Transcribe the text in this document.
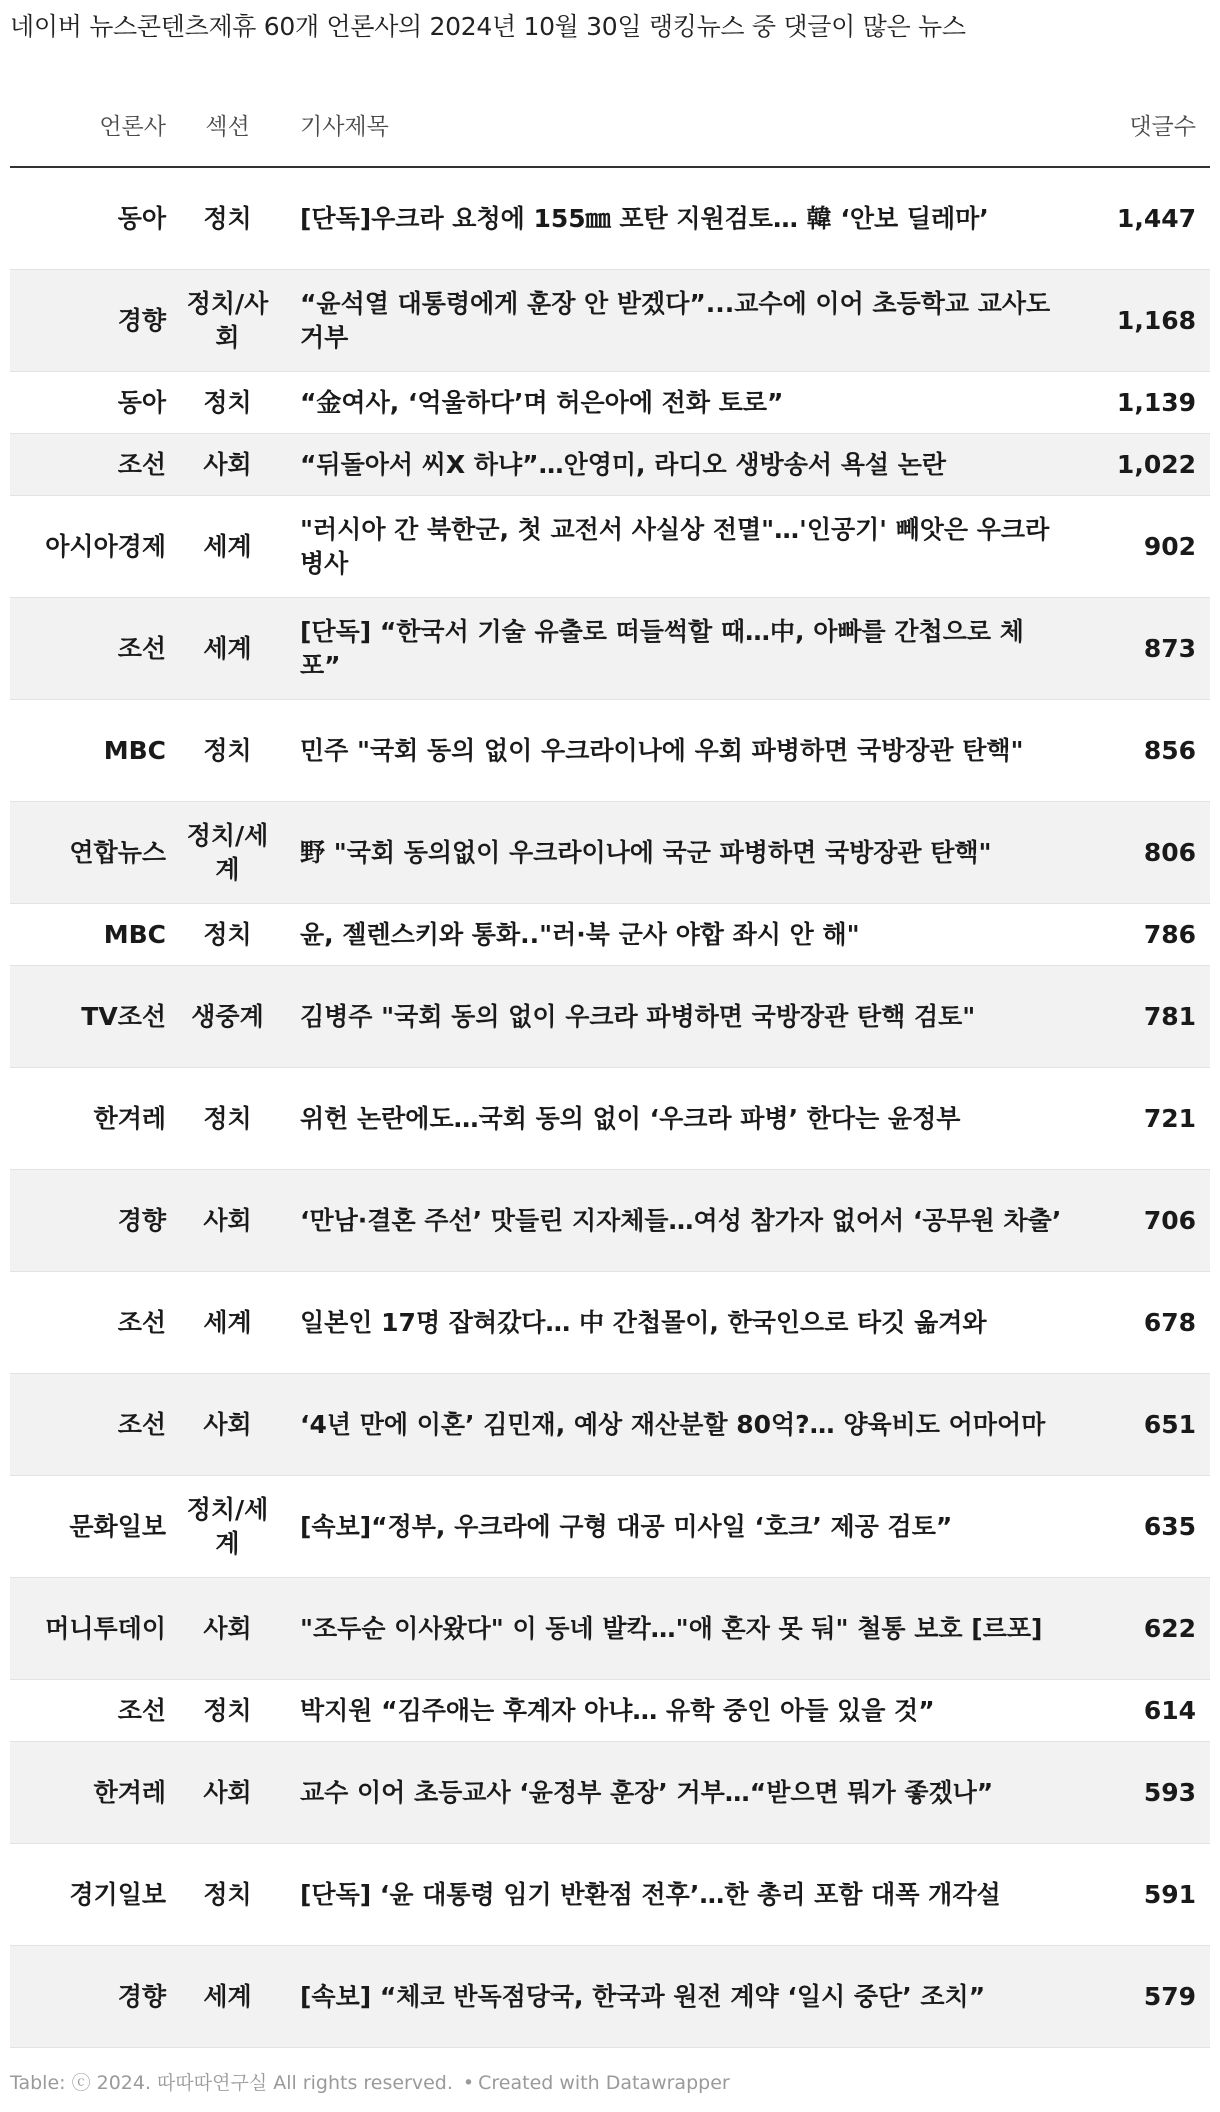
네이버 뉴스콘텐츠제휴 60개 언론사의 2024년 10월 30일 랭킹뉴스 중 댓글이 많은 뉴스
언론사	섹션	기사제목	댓글수
동아	정치	[단독]우크라 요청에 155㎜ 포탄 지원검토… 韓 ‘안보 딜레마’	1,447
경향	정치/사회	“윤석열 대통령에게 훈장 안 받겠다”...교수에 이어 초등학교 교사도 거부	1,168
동아	정치	“金여사, ‘억울하다’며 허은아에 전화 토로”	1,139
조선	사회	“뒤돌아서 씨X 하냐”…안영미, 라디오 생방송서 욕설 논란	1,022
아시아경제	세계	"러시아 간 북한군, 첫 교전서 사실상 전멸"…'인공기' 빼앗은 우크라 병사	902
조선	세계	[단독] “한국서 기술 유출로 떠들썩할 때…中, 아빠를 간첩으로 체포”	873
MBC	정치	민주 "국회 동의 없이 우크라이나에 우회 파병하면 국방장관 탄핵"	856
연합뉴스	정치/세계	野 "국회 동의없이 우크라이나에 국군 파병하면 국방장관 탄핵"	806
MBC	정치	윤, 젤렌스키와 통화.."러·북 군사 야합 좌시 안 해"	786
TV조선	생중계	김병주 "국회 동의 없이 우크라 파병하면 국방장관 탄핵 검토"	781
한겨레	정치	위헌 논란에도…국회 동의 없이 ‘우크라 파병’ 한다는 윤정부	721
경향	사회	‘만남·결혼 주선’ 맛들린 지자체들…여성 참가자 없어서 ‘공무원 차출’	706
조선	세계	일본인 17명 잡혀갔다… 中 간첩몰이, 한국인으로 타깃 옮겨와	678
조선	사회	‘4년 만에 이혼’ 김민재, 예상 재산분할 80억?… 양육비도 어마어마	651
문화일보	정치/세계	[속보]“정부, 우크라에 구형 대공 미사일 ‘호크’ 제공 검토”	635
머니투데이	사회	"조두순 이사왔다" 이 동네 발칵…"애 혼자 못 둬" 철통 보호 [르포]	622
조선	정치	박지원 “김주애는 후계자 아냐… 유학 중인 아들 있을 것”	614
한겨레	사회	교수 이어 초등교사 ‘윤정부 훈장’ 거부…“받으면 뭐가 좋겠나”	593
경기일보	정치	[단독] ‘윤 대통령 임기 반환점 전후’…한 총리 포함 대폭 개각설	591
경향	세계	[속보] “체코 반독점당국, 한국과 원전 계약 ‘일시 중단’ 조치”	579
Table: ⓒ 2024. 따따따연구실 All rights reserved. • Created with Datawrapper
